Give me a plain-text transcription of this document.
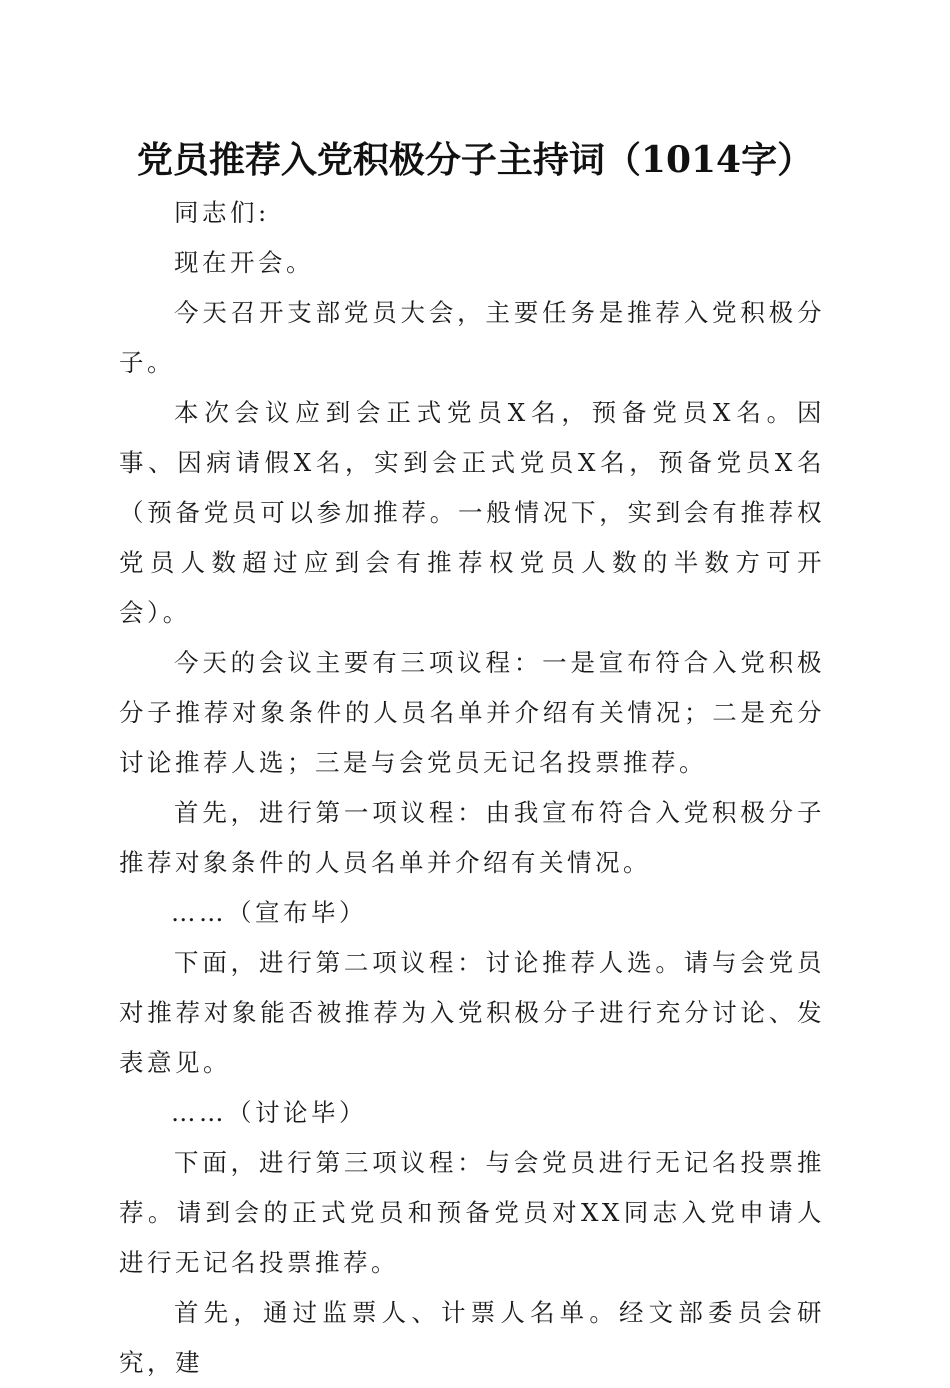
党员推荐入党积极分子主持词（1014字）

同志们:

现在开会。

今天召开支部党员大会，主要任务是推荐入党积极分子。

本次会议应到会正式党员X名，预备党员X名。因事、因病请假X名，实到会正式党员X名，预备党员X名（预备党员可以参加推荐。一般情况下，实到会有推荐权党员人数超过应到会有推荐权党员人数的半数方可开会）。

今天的会议主要有三项议程：一是宣布符合入党积极分子推荐对象条件的人员名单并介绍有关情况；二是充分讨论推荐人选；三是与会党员无记名投票推荐。

首先，进行第一项议程：由我宣布符合入党积极分子推荐对象条件的人员名单并介绍有关情况。

……（宣布毕）

下面，进行第二项议程：讨论推荐人选。请与会党员对推荐对象能否被推荐为入党积极分子进行充分讨论、发表意见。

……（讨论毕）

下面，进行第三项议程：与会党员进行无记名投票推荐。请到会的正式党员和预备党员对XX同志入党申请人进行无记名投票推荐。

首先，通过监票人、计票人名单。经文部委员会研究，建
